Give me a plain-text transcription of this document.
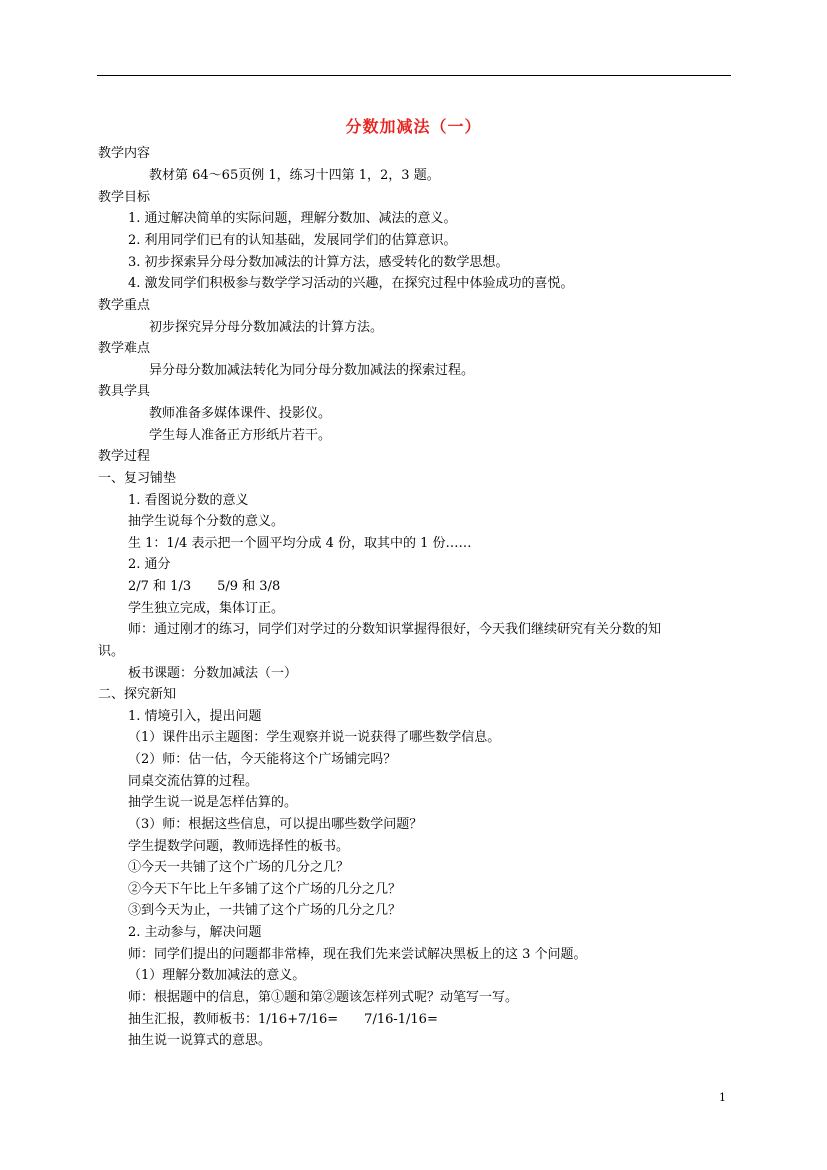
分数加减法（一）
教学内容
教材第 64～65页例 1，练习十四第 1，2，3 题。
教学目标
1. 通过解决简单的实际问题，理解分数加、减法的意义。
2. 利用同学们已有的认知基础，发展同学们的估算意识。
3. 初步探索异分母分数加减法的计算方法，感受转化的数学思想。
4. 激发同学们积极参与数学学习活动的兴趣，在探究过程中体验成功的喜悦。
教学重点
初步探究异分母分数加减法的计算方法。
教学难点
异分母分数加减法转化为同分母分数加减法的探索过程。
教具学具
教师准备多媒体课件、投影仪。
学生每人准备正方形纸片若干。
教学过程
一、复习铺垫
1. 看图说分数的意义
抽学生说每个分数的意义。
生 1：1/4 表示把一个圆平均分成 4 份，取其中的 1 份……
2. 通分
2/7 和 1/3　　5/9 和 3/8
学生独立完成，集体订正。
师：通过刚才的练习，同学们对学过的分数知识掌握得很好，今天我们继续研究有关分数的知
识。
板书课题：分数加减法（一）
二、探究新知
1. 情境引入，提出问题
（1）课件出示主题图：学生观察并说一说获得了哪些数学信息。
（2）师：估一估，今天能将这个广场铺完吗？
同桌交流估算的过程。
抽学生说一说是怎样估算的。
（3）师：根据这些信息，可以提出哪些数学问题？
学生提数学问题，教师选择性的板书。
①今天一共铺了这个广场的几分之几？
②今天下午比上午多铺了这个广场的几分之几？
③到今天为止，一共铺了这个广场的几分之几？
2. 主动参与，解决问题
师：同学们提出的问题都非常棒，现在我们先来尝试解决黑板上的这 3 个问题。
（1）理解分数加减法的意义。
师：根据题中的信息，第①题和第②题该怎样列式呢？动笔写一写。
抽生汇报，教师板书：1/16+7/16=　　7/16-1/16=
抽生说一说算式的意思。
1
